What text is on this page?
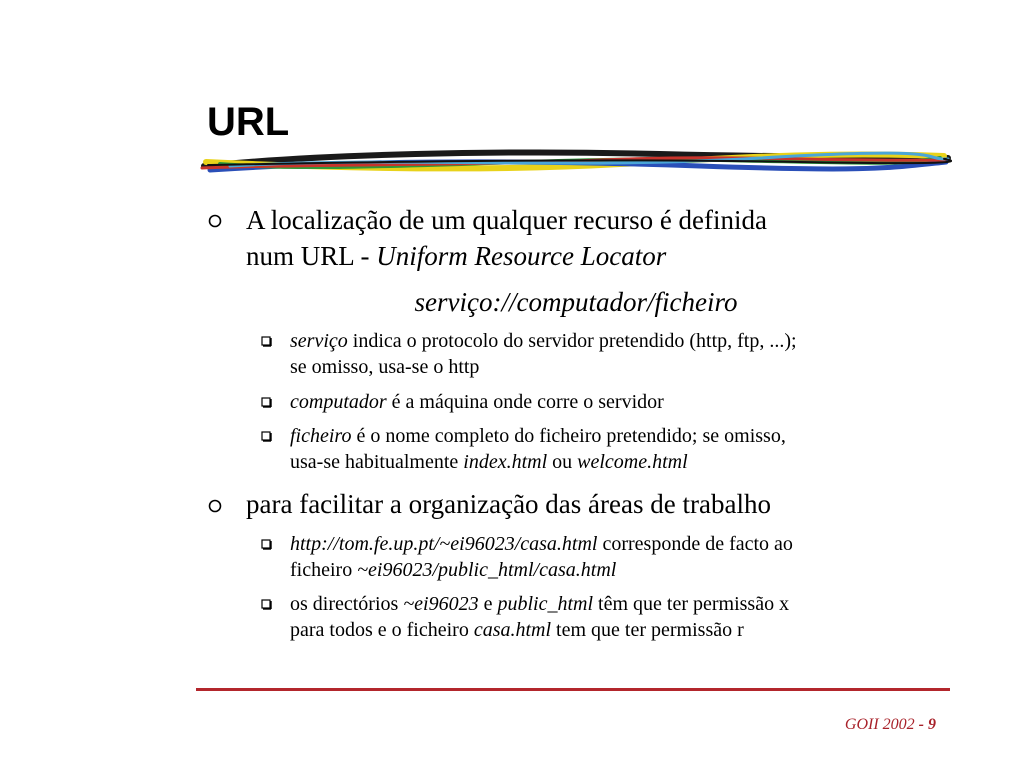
URL
A localização de um qualquer recurso é definida
num URL - Uniform Resource Locator
serviço://computador/ficheiro
serviço indica o protocolo do servidor pretendido (http, ftp, ...);
se omisso, usa-se o http
computador é a máquina onde corre o servidor
ficheiro é o nome completo do ficheiro pretendido; se omisso,
usa-se habitualmente index.html ou welcome.html
para facilitar a organização das áreas de trabalho
http://tom.fe.up.pt/~ei96023/casa.html corresponde de facto ao
ficheiro ~ei96023/public_html/casa.html
os directórios ~ei96023 e public_html têm que ter permissão x
para todos e o ficheiro casa.html tem que ter permissão r
GOII 2002 - 9
